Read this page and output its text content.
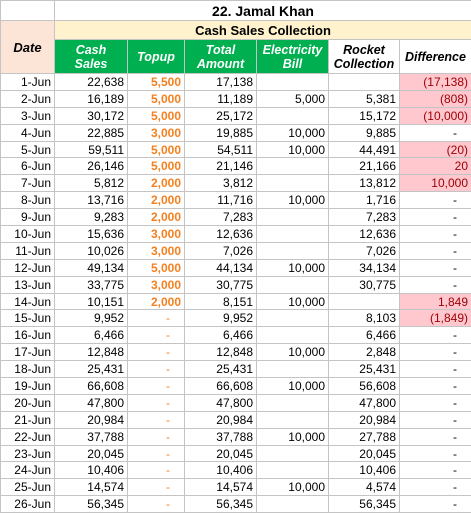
	22. Jamal Khan					
Date	Cash Sales Collection					
	Cash Sales	Topup	Total Amount	Electricity Bill	Rocket Collection	Difference
1-Jun	22,638	5,500	17,138			(17,138)
2-Jun	16,189	5,000	11,189	5,000	5,381	(808)
3-Jun	30,172	5,000	25,172		15,172	(10,000)
4-Jun	22,885	3,000	19,885	10,000	9,885	-
5-Jun	59,511	5,000	54,511	10,000	44,491	(20)
6-Jun	26,146	5,000	21,146		21,166	20
7-Jun	5,812	2,000	3,812		13,812	10,000
8-Jun	13,716	2,000	11,716	10,000	1,716	-
9-Jun	9,283	2,000	7,283		7,283	-
10-Jun	15,636	3,000	12,636		12,636	-
11-Jun	10,026	3,000	7,026		7,026	-
12-Jun	49,134	5,000	44,134	10,000	34,134	-
13-Jun	33,775	3,000	30,775		30,775	-
14-Jun	10,151	2,000	8,151	10,000		1,849
15-Jun	9,952	-	9,952		8,103	(1,849)
16-Jun	6,466	-	6,466		6,466	-
17-Jun	12,848	-	12,848	10,000	2,848	-
18-Jun	25,431	-	25,431		25,431	-
19-Jun	66,608	-	66,608	10,000	56,608	-
20-Jun	47,800	-	47,800		47,800	-
21-Jun	20,984	-	20,984		20,984	-
22-Jun	37,788	-	37,788	10,000	27,788	-
23-Jun	20,045	-	20,045		20,045	-
24-Jun	10,406	-	10,406		10,406	-
25-Jun	14,574	-	14,574	10,000	4,574	-
26-Jun	56,345	-	56,345		56,345	-
